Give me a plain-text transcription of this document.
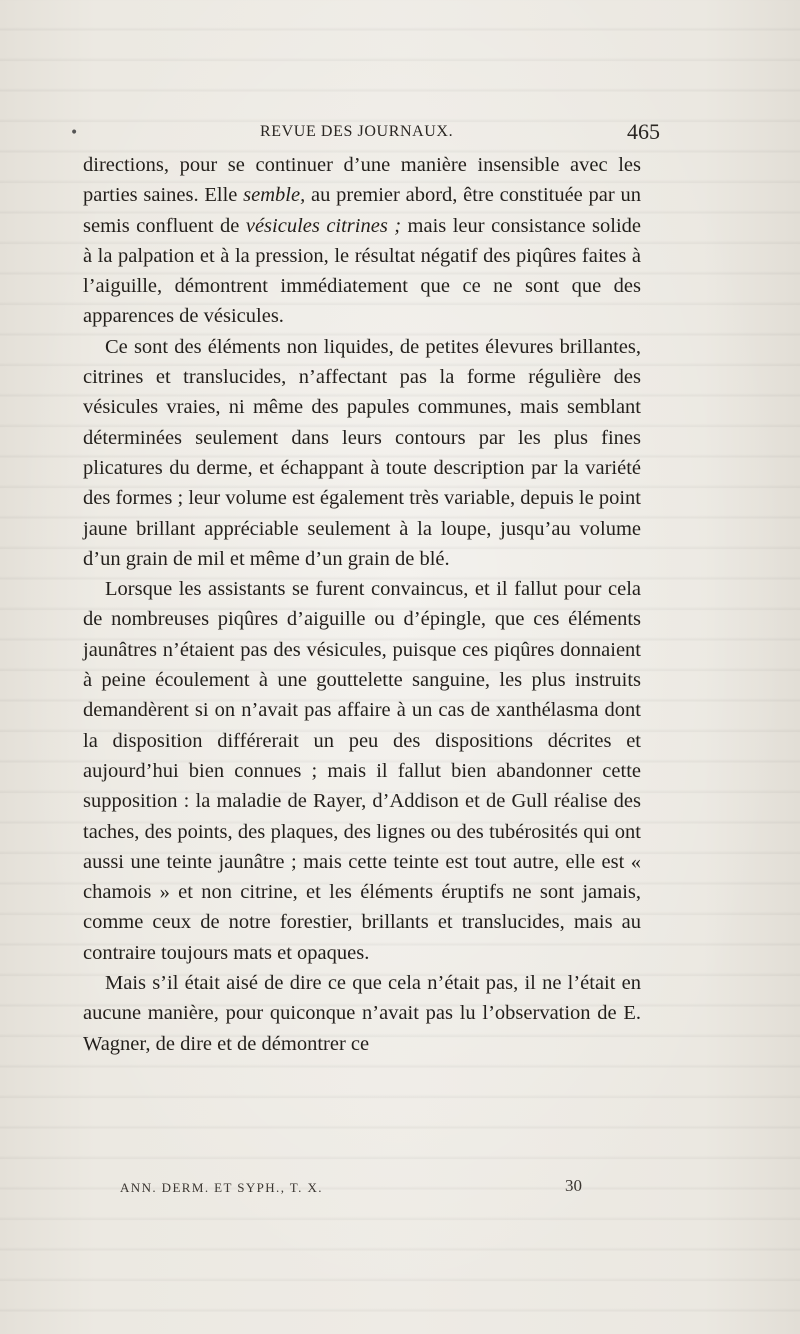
•	REVUE DES JOURNAUX.	465

directions, pour se continuer d’une manière insensible avec les parties saines. Elle semble, au premier abord, être constituée par un semis confluent de vésicules citrines ; mais leur consistance solide à la palpation et à la pression, le résultat négatif des piqûres faites à l’aiguille, démontrent immédiatement que ce ne sont que des apparences de vésicules.

Ce sont des éléments non liquides, de petites élevures brillantes, citrines et translucides, n’affectant pas la forme régulière des vésicules vraies, ni même des papules communes, mais semblant déterminées seulement dans leurs contours par les plus fines plicatures du derme, et échappant à toute description par la variété des formes ; leur volume est également très variable, depuis le point jaune brillant appréciable seulement à la loupe, jusqu’au volume d’un grain de mil et même d’un grain de blé.

Lorsque les assistants se furent convaincus, et il fallut pour cela de nombreuses piqûres d’aiguille ou d’épingle, que ces éléments jaunâtres n’étaient pas des vésicules, puisque ces piqûres donnaient à peine écoulement à une gouttelette sanguine, les plus instruits demandèrent si on n’avait pas affaire à un cas de xanthélasma dont la disposition différerait un peu des dispositions décrites et aujourd’hui bien connues ; mais il fallut bien abandonner cette supposition : la maladie de Rayer, d’Addison et de Gull réalise des taches, des points, des plaques, des lignes ou des tubérosités qui ont aussi une teinte jaunâtre ; mais cette teinte est tout autre, elle est « chamois » et non citrine, et les éléments éruptifs ne sont jamais, comme ceux de notre forestier, brillants et translucides, mais au contraire toujours mats et opaques.

Mais s’il était aisé de dire ce que cela n’était pas, il ne l’était en aucune manière, pour quiconque n’avait pas lu l’observation de E. Wagner, de dire et de démontrer ce

ANN. DERM. ET SYPH., T. X.	30
